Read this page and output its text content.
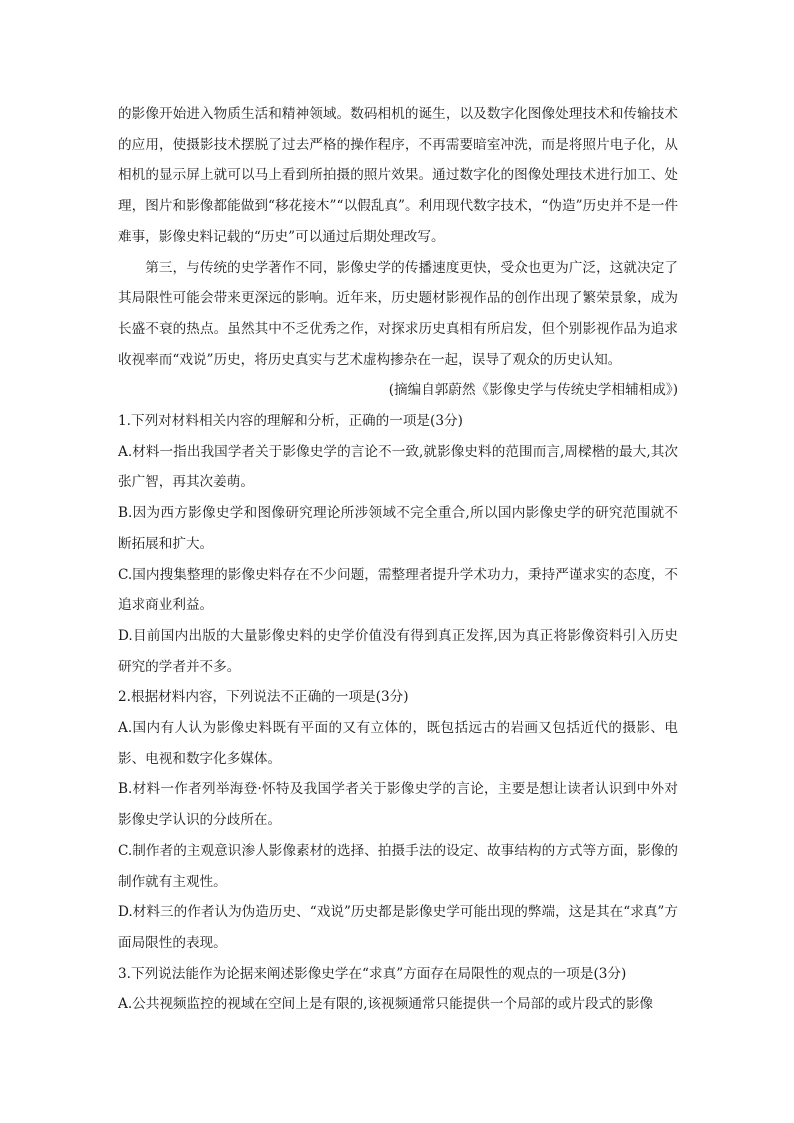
的影像开始进入物质生活和精神领域。数码相机的诞生，以及数字化图像处理技术和传输技术的应用，使摄影技术摆脱了过去严格的操作程序，不再需要暗室冲洗，而是将照片电子化，从相机的显示屏上就可以马上看到所拍摄的照片效果。通过数字化的图像处理技术进行加工、处理，图片和影像都能做到“移花接木”“以假乱真”。利用现代数字技术，“伪造”历史并不是一件难事，影像史料记载的“历史”可以通过后期处理改写。

第三，与传统的史学著作不同，影像史学的传播速度更快，受众也更为广泛，这就决定了其局限性可能会带来更深远的影响。近年来，历史题材影视作品的创作出现了繁荣景象，成为长盛不衰的热点。虽然其中不乏优秀之作，对探求历史真相有所启发，但个别影视作品为追求收视率而“戏说”历史，将历史真实与艺术虚构掺杂在一起，误导了观众的历史认知。

(摘编自郭蔚然《影像史学与传统史学相辅相成》)

1.下列对材料相关内容的理解和分析，正确的一项是(3分)

A.材料一指出我国学者关于影像史学的言论不一致,就影像史料的范围而言,周樑楷的最大,其次张广智，再其次姜萌。

B.因为西方影像史学和图像研究理论所涉领域不完全重合,所以国内影像史学的研究范围就不断拓展和扩大。

C.国内搜集整理的影像史料存在不少问题，需整理者提升学术功力，秉持严谨求实的态度，不追求商业利益。

D.目前国内出版的大量影像史料的史学价值没有得到真正发挥,因为真正将影像资料引入历史研究的学者并不多。

2.根据材料内容，下列说法不正确的一项是(3分)

A.国内有人认为影像史料既有平面的又有立体的，既包括远古的岩画又包括近代的摄影、电影、电视和数字化多媒体。

B.材料一作者列举海登·怀特及我国学者关于影像史学的言论，主要是想让读者认识到中外对影像史学认识的分歧所在。

C.制作者的主观意识渗人影像素材的选择、拍摄手法的设定、故事结构的方式等方面，影像的制作就有主观性。

D.材料三的作者认为伪造历史、“戏说”历史都是影像史学可能出现的弊端，这是其在“求真”方面局限性的表现。

3.下列说法能作为论据来阐述影像史学在“求真”方面存在局限性的观点的一项是(3分)

A.公共视频监控的视域在空间上是有限的,该视频通常只能提供一个局部的或片段式的影像
